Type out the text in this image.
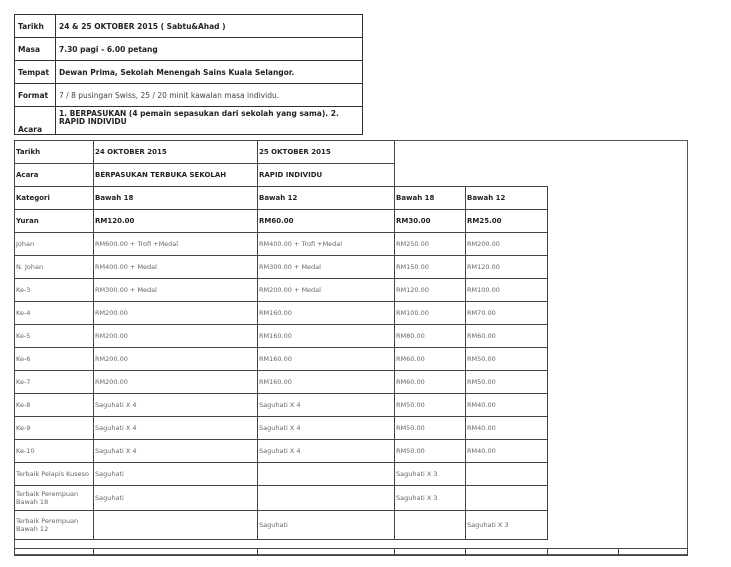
Tarikh	24 & 25 OKTOBER 2015 ( Sabtu&Ahad )
Masa	7.30 pagi - 6.00 petang
Tempat	Dewan Prima, Sekolah Menengah Sains Kuala Selangor.
Format	7 / 8 pusingan Swiss, 25 / 20 minit kawalan masa individu.
Acara	1. BERPASUKAN (4 pemain sepasukan dari sekolah yang sama). 2. RAPID INDIVIDU
Tarikh	24 OKTOBER 2015	25 OKTOBER 2015		
Acara	BERPASUKAN TERBUKA SEKOLAH	RAPID INDIVIDU		
Kategori	Bawah 18	Bawah 12	Bawah 18	Bawah 12
Yuran	RM120.00	RM60.00	RM30.00	RM25.00
Johan	RM600.00 + Trofi +Medal	RM400.00 + Trofi +Medal	RM250.00	RM200.00
N. Johan	RM400.00 + Medal	RM300.00 + Medal	RM150.00	RM120.00
Ke-3	RM300.00 + Medal	RM200.00 + Medal	RM120.00	RM100.00
Ke-4	RM200.00	RM160.00	RM100.00	RM70.00
Ke-5	RM200.00	RM160.00	RM80.00	RM60.00
Ke-6	RM200.00	RM160.00	RM60.00	RM50.00
Ke-7	RM200.00	RM160.00	RM60.00	RM50.00
Ke-8	Saguhati X 4	Saguhati X 4	RM50.00	RM40.00
Ke-9	Saguhati X 4	Saguhati X 4	RM50.00	RM40.00
Ke-10	Saguhati X 4	Saguhati X 4	RM50.00	RM40.00
Terbaik Pelapis Kuseso	Saguhati		Saguhati X 3	
Terbaik Perempuan Bawah 18	Saguhati		Saguhati X 3	
Terbaik Perempuan Bawah 12		Saguhati		Saguhati X 3
